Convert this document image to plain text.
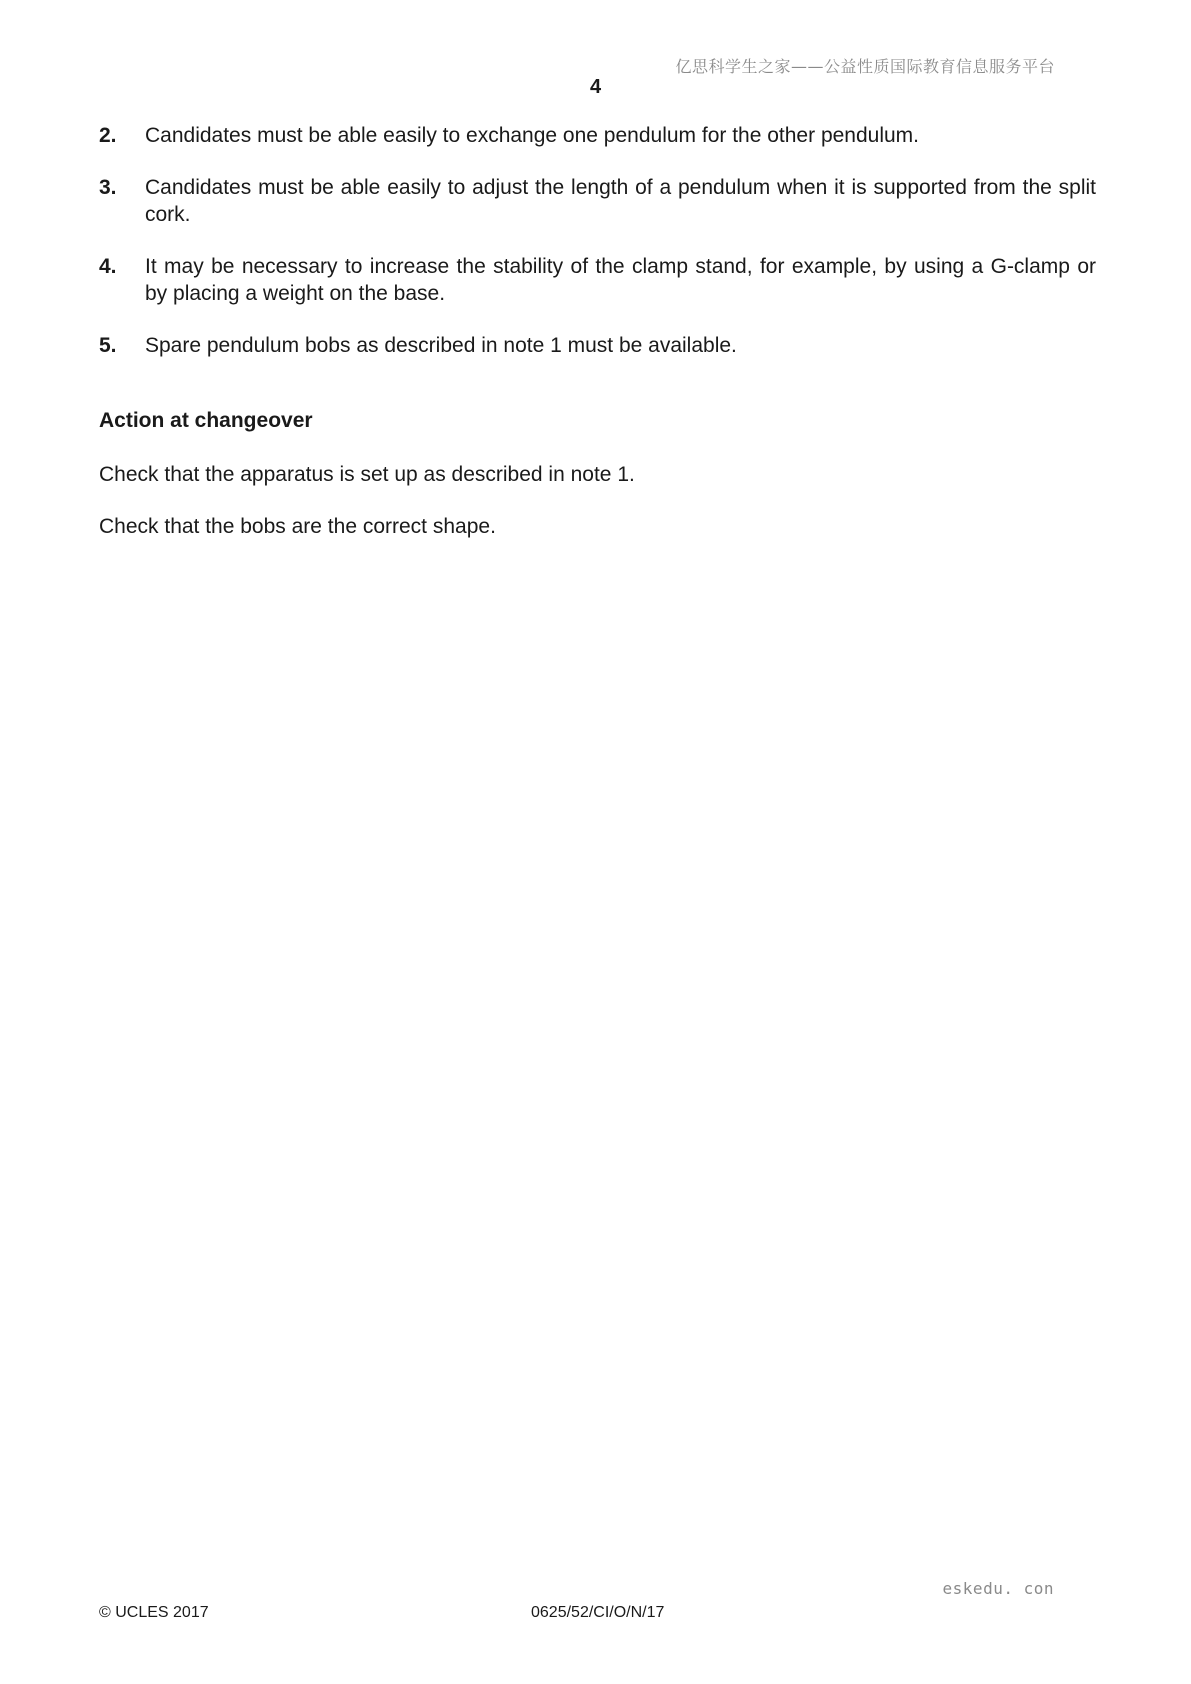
亿思科学生之家——公益性质国际教育信息服务平台
4
2.	Candidates must be able easily to exchange one pendulum for the other pendulum.
3.	Candidates must be able easily to adjust the length of a pendulum when it is supported from the split cork.
4.	It may be necessary to increase the stability of the clamp stand, for example, by using a G-clamp or by placing a weight on the base.
5.	Spare pendulum bobs as described in note 1 must be available.
Action at changeover

Check that the apparatus is set up as described in note 1.

Check that the bobs are the correct shape.

eskedu. con
© UCLES 2017	0625/52/CI/O/N/17
